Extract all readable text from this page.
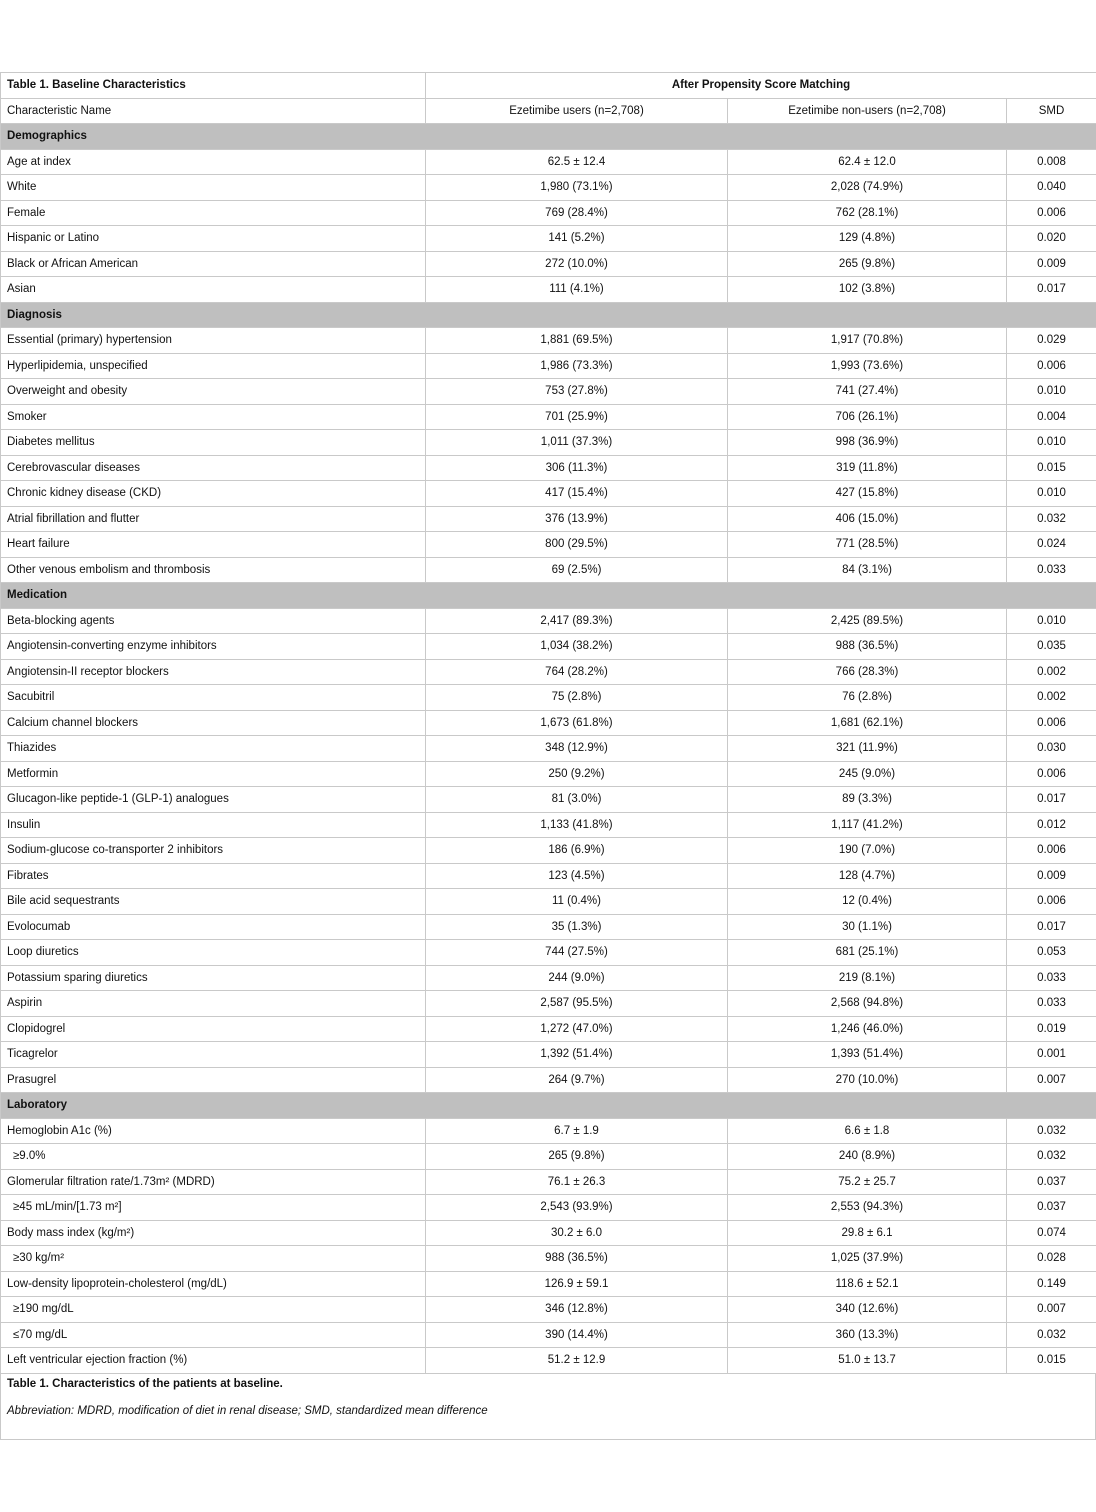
Table 1. Baseline Characteristics	After Propensity Score Matching		
Characteristic Name	Ezetimibe users (n=2,708)	Ezetimibe non-users (n=2,708)	SMD
Demographics			
Age at index	62.5 ± 12.4	62.4 ± 12.0	0.008
White	1,980 (73.1%)	2,028 (74.9%)	0.040
Female	769 (28.4%)	762 (28.1%)	0.006
Hispanic or Latino	141 (5.2%)	129 (4.8%)	0.020
Black or African American	272 (10.0%)	265 (9.8%)	0.009
Asian	111 (4.1%)	102 (3.8%)	0.017
Diagnosis			
Essential (primary) hypertension	1,881 (69.5%)	1,917 (70.8%)	0.029
Hyperlipidemia, unspecified	1,986 (73.3%)	1,993 (73.6%)	0.006
Overweight and obesity	753 (27.8%)	741 (27.4%)	0.010
Smoker	701 (25.9%)	706 (26.1%)	0.004
Diabetes mellitus	1,011 (37.3%)	998 (36.9%)	0.010
Cerebrovascular diseases	306 (11.3%)	319 (11.8%)	0.015
Chronic kidney disease (CKD)	417 (15.4%)	427 (15.8%)	0.010
Atrial fibrillation and flutter	376 (13.9%)	406 (15.0%)	0.032
Heart failure	800 (29.5%)	771 (28.5%)	0.024
Other venous embolism and thrombosis	69 (2.5%)	84 (3.1%)	0.033
Medication			
Beta-blocking agents	2,417 (89.3%)	2,425 (89.5%)	0.010
Angiotensin-converting enzyme inhibitors	1,034 (38.2%)	988 (36.5%)	0.035
Angiotensin-II receptor blockers	764 (28.2%)	766 (28.3%)	0.002
Sacubitril	75 (2.8%)	76 (2.8%)	0.002
Calcium channel blockers	1,673 (61.8%)	1,681 (62.1%)	0.006
Thiazides	348 (12.9%)	321 (11.9%)	0.030
Metformin	250 (9.2%)	245 (9.0%)	0.006
Glucagon-like peptide-1 (GLP-1) analogues	81 (3.0%)	89 (3.3%)	0.017
Insulin	1,133 (41.8%)	1,117 (41.2%)	0.012
Sodium-glucose co-transporter 2 inhibitors	186 (6.9%)	190 (7.0%)	0.006
Fibrates	123 (4.5%)	128 (4.7%)	0.009
Bile acid sequestrants	11 (0.4%)	12 (0.4%)	0.006
Evolocumab	35 (1.3%)	30 (1.1%)	0.017
Loop diuretics	744 (27.5%)	681 (25.1%)	0.053
Potassium sparing diuretics	244 (9.0%)	219 (8.1%)	0.033
Aspirin	2,587 (95.5%)	2,568 (94.8%)	0.033
Clopidogrel	1,272 (47.0%)	1,246 (46.0%)	0.019
Ticagrelor	1,392 (51.4%)	1,393 (51.4%)	0.001
Prasugrel	264 (9.7%)	270 (10.0%)	0.007
Laboratory			
Hemoglobin A1c (%)	6.7 ± 1.9	6.6 ± 1.8	0.032
≥9.0%	265 (9.8%)	240 (8.9%)	0.032
Glomerular filtration rate/1.73m² (MDRD)	76.1 ± 26.3	75.2 ± 25.7	0.037
≥45 mL/min/[1.73 m²]	2,543 (93.9%)	2,553 (94.3%)	0.037
Body mass index (kg/m²)	30.2 ± 6.0	29.8 ± 6.1	0.074
≥30 kg/m²	988 (36.5%)	1,025 (37.9%)	0.028
Low-density lipoprotein-cholesterol (mg/dL)	126.9 ± 59.1	118.6 ± 52.1	0.149
≥190 mg/dL	346 (12.8%)	340 (12.6%)	0.007
≤70 mg/dL	390 (14.4%)	360 (13.3%)	0.032
Left ventricular ejection fraction (%)	51.2 ± 12.9	51.0 ± 13.7	0.015
Table 1. Characteristics of the patients at baseline.
Abbreviation: MDRD, modification of diet in renal disease; SMD, standardized mean difference
